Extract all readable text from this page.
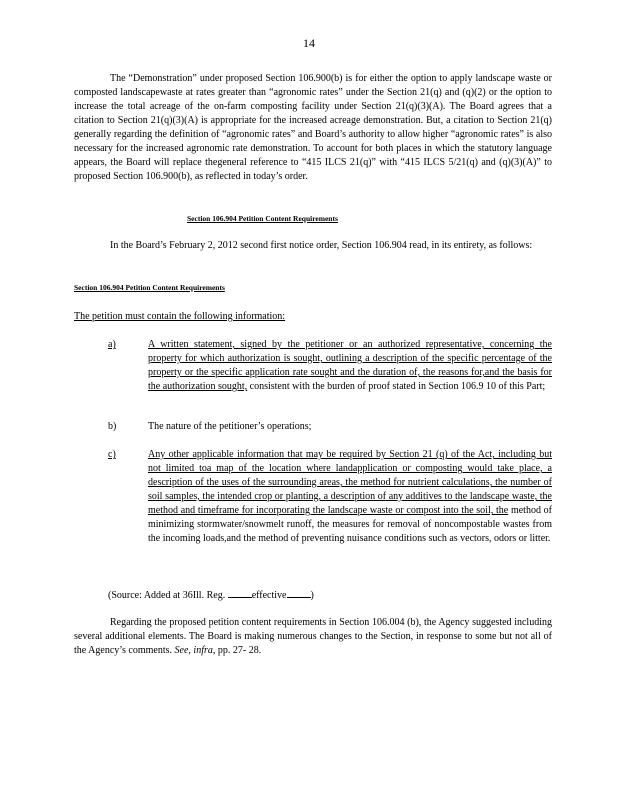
14

The “Demonstration” under proposed Section 106.900(b) is for either the option to apply landscape waste or composted landscapewaste at rates greater than “agronomic rates” under the Section 21(q) and (q)(2) or the option to increase the total acreage of the on-farm composting facility under Section 21(q)(3)(A). The Board agrees that a citation to Section 21(q)(3)(A) is appropriate for the increased acreage demonstration. But, a citation to Section 21(q) generally regarding the definition of “agronomic rates” and Board’s authority to allow higher “agronomic rates” is also necessary for the increased agronomic rate demonstration. To account for both places in which the statutory language appears, the Board will replace thegeneral reference to “415 ILCS 21(q)” with “415 ILCS 5/21(q) and (q)(3)(A)” to proposed Section 106.900(b), as reflected in today’s order.

Section 106.904 Petition Content Requirements

In the Board’s February 2, 2012 second first notice order, Section 106.904 read, in its entirety, as follows:

Section 106.904 Petition Content Requirements
The petition must contain the following information:
a)	A written statement, signed by the petitioner or an authorized representative, concerning the property for which authorization is sought, outlining a description of the specific percentage of the property or the specific application rate sought and the duration of, the reasons for,and the basis for the authorization sought, consistent with the burden of proof stated in Section 106.9 10 of this Part;
b)	The nature of the petitioner’s operations;
c)	Any other applicable information that may be required by Section 21 (q) of the Act, including but not limited toa map of the location where landapplication or composting would take place, a description of the uses of the surrounding areas, the method for nutrient calculations, the number of soil samples, the intended crop or planting, a description of any additives to the landscape waste, the method and timeframe for incorporating the landscape waste or compost into the soil, the method of minimizing stormwater/snowmelt runoff, the measures for removal of noncompostable wastes from the incoming loads,and the method of preventing nuisance conditions such as vectors, odors or litter.
(Source: Added at 36Ill. Reg.	effective )

Regarding the proposed petition content requirements in Section 106.004 (b), the Agency suggested including several additional elements. The Board is making numerous changes to the Section, in response to some but not all of the Agency’s comments. See, infra, pp. 27- 28.
